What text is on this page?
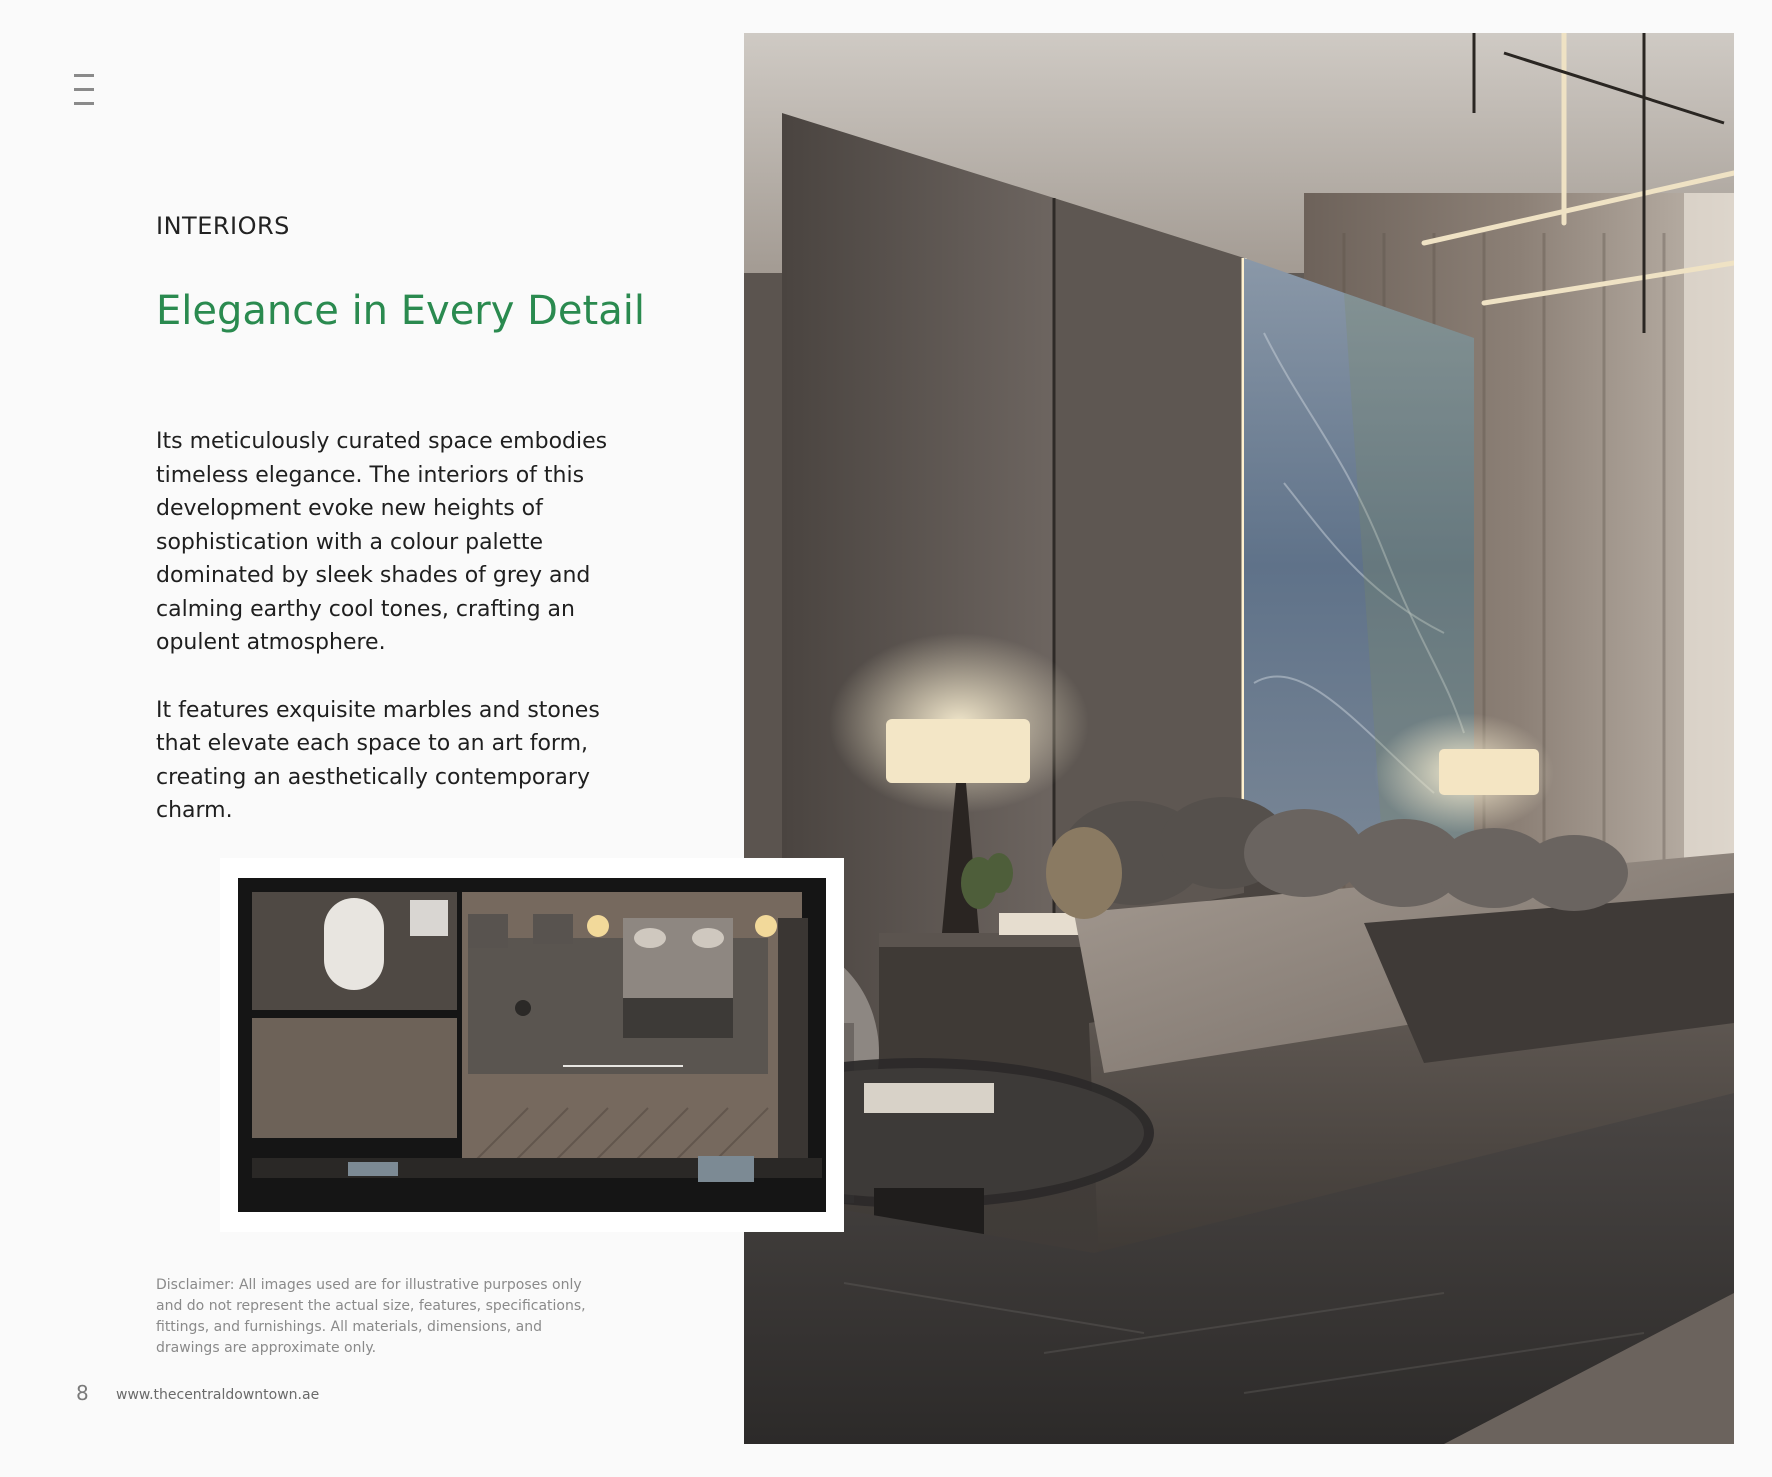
INTERIORS
Elegance in Every Detail

Its meticulously curated space embodies timeless elegance. The interiors of this development evoke new heights of sophistication with a colour palette dominated by sleek shades of grey and calming earthy cool tones, crafting an opulent atmosphere.

It features exquisite marbles and stones that elevate each space to an art form, creating an aesthetically contemporary charm.

Disclaimer: All images used are for illustrative purposes only and do not represent the actual size, features, specifications, fittings, and furnishings. All materials, dimensions, and drawings are approximate only.
8 www.thecentraldowntown.ae
